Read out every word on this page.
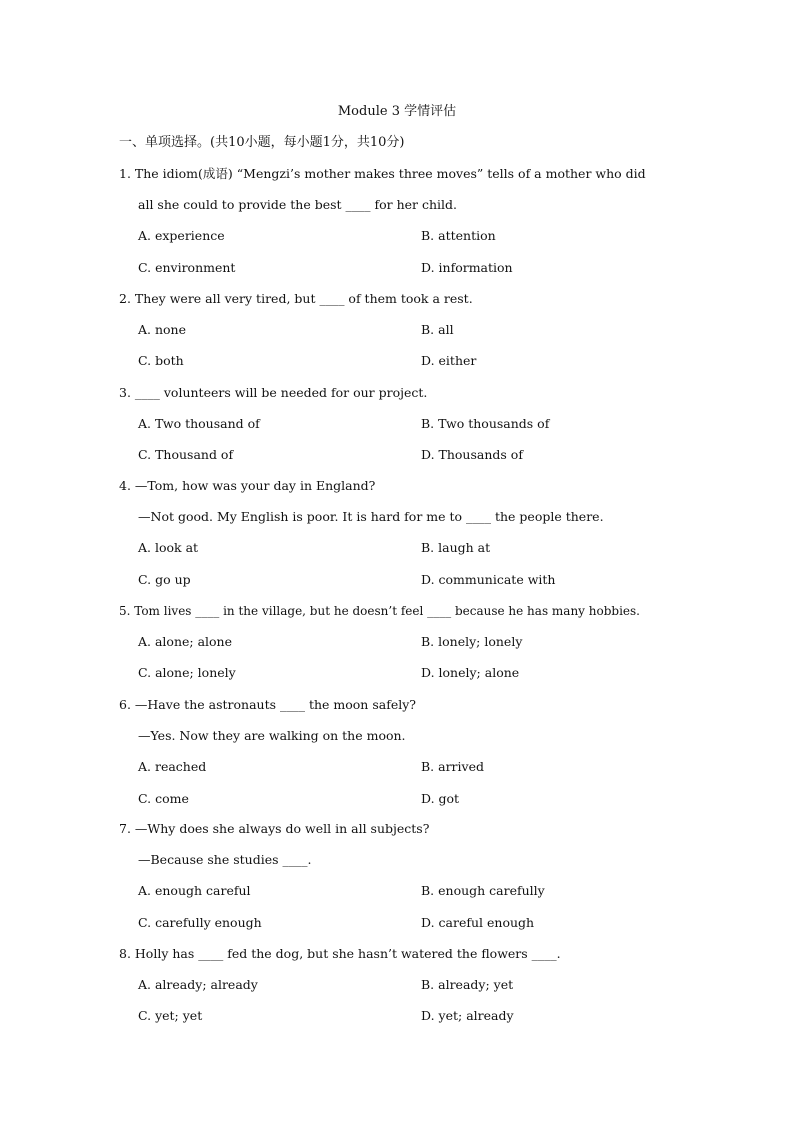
Module 3 学情评估
一、单项选择。(共10小题，每小题1分，共10分)
1. The idiom(成语) “Mengzi’s mother makes three moves” tells of a mother who did
all she could to provide the best ____ for her child.
A. experience	B. attention
C. environment	D. information
2. They were all very tired, but ____ of them took a rest.
A. none	B. all
C. both	D. either
3. ____ volunteers will be needed for our project.
A. Two thousand of	B. Two thousands of
C. Thousand of	D. Thousands of
4. —Tom, how was your day in England?
—Not good. My English is poor. It is hard for me to ____ the people there.
A. look at	B. laugh at
C. go up	D. communicate with
5. Tom lives ____ in the village, but he doesn’t feel ____ because he has many hobbies.
A. alone; alone	B. lonely; lonely
C. alone; lonely	D. lonely; alone
6. —Have the astronauts ____ the moon safely?
—Yes. Now they are walking on the moon.
A. reached	B. arrived
C. come	D. got
7. —Why does she always do well in all subjects?
—Because she studies ____.
A. enough careful	B. enough carefully
C. carefully enough	D. careful enough
8. Holly has ____ fed the dog, but she hasn’t watered the flowers ____.
A. already; already	B. already; yet
C. yet; yet	D. yet; already
